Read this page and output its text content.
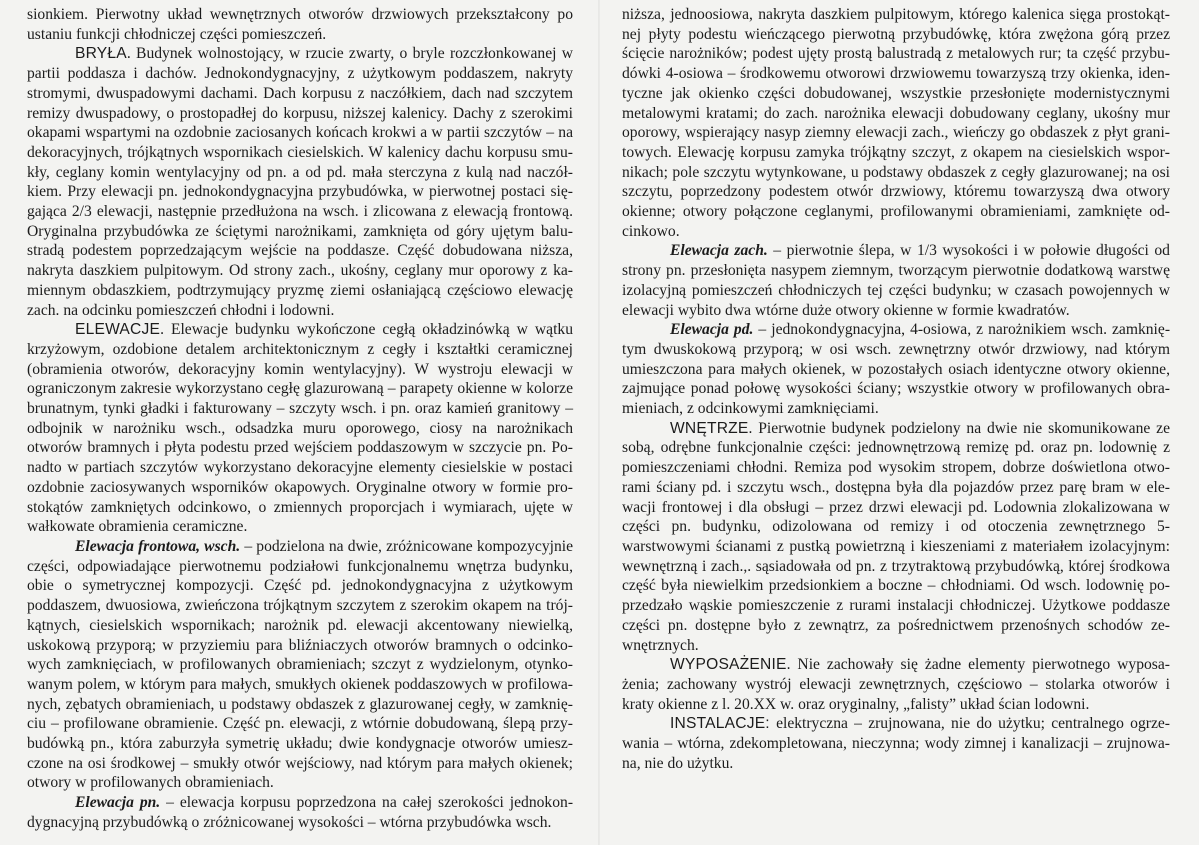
sionkiem. Pierwotny układ wewnętrznych otworów drzwiowych przekształcony po ustaniu funkcji chłodniczej części pomieszczeń.

BRYŁA. Budynek wolnostojący, w rzucie zwarty, o bryle rozczłonkowanej w partii poddasza i dachów. Jednokondygnacyjny, z użytkowym poddaszem, nakryty stromymi, dwuspadowymi dachami. Dach korpusu z naczółkiem, dach nad szczytem remizy dwuspadowy, o prostopadłej do korpusu, niższej kalenicy. Dachy z szerokimi okapami wspartymi na ozdobnie zaciosanych końcach krokwi a w partii szczytów – na dekoracyjnych, trójkątnych wspornikach ciesielskich. W kalenicy dachu korpusu smukły, ceglany komin wentylacyjny od pn. a od pd. mała sterczyna z kulą nad naczółkiem. Przy elewacji pn. jednokondygnacyjna przybudówka, w pierwotnej postaci sięgająca 2/3 elewacji, następnie przedłużona na wsch. i zlicowana z elewacją frontową. Oryginalna przybudówka ze ściętymi narożnikami, zamknięta od góry ujętym balustradą podestem poprzedzającym wejście na poddasze. Część dobudowana niższa, nakryta daszkiem pulpitowym. Od strony zach., ukośny, ceglany mur oporowy z kamiennym obdaszkiem, podtrzymujący pryzmę ziemi osłaniającą częściowo elewację zach. na odcinku pomieszczeń chłodni i lodowni.

ELEWACJE. Elewacje budynku wykończone cegłą okładzinówką w wątku krzyżowym, ozdobione detalem architektonicznym z cegły i kształtki ceramicznej (obramienia otworów, dekoracyjny komin wentylacyjny). W wystroju elewacji w ograniczonym zakresie wykorzystano cegłę glazurowaną – parapety okienne w kolorze brunatnym, tynki gładki i fakturowany – szczyty wsch. i pn. oraz kamień granitowy – odbojnik w narożniku wsch., odsadzka muru oporowego, ciosy na narożnikach otworów bramnych i płyta podestu przed wejściem poddaszowym w szczycie pn. Ponadto w partiach szczytów wykorzystano dekoracyjne elementy ciesielskie w postaci ozdobnie zaciosywanych wsporników okapowych. Oryginalne otwory w formie prostokątów zamkniętych odcinkowo, o zmiennych proporcjach i wymiarach, ujęte w wałkowate obramienia ceramiczne.

Elewacja frontowa, wsch. – podzielona na dwie, zróżnicowane kompozycyjnie części, odpowiadające pierwotnemu podziałowi funkcjonalnemu wnętrza budynku, obie o symetrycznej kompozycji. Część pd. jednokondygnacyjna z użytkowym poddaszem, dwuosiowa, zwieńczona trójkątnym szczytem z szerokim okapem na trójkątnych, ciesielskich wspornikach; narożnik pd. elewacji akcentowany niewielką, uskokową przyporą; w przyziemiu para bliźniaczych otworów bramnych o odcinkowych zamknięciach, w profilowanych obramieniach; szczyt z wydzielonym, otynkowanym polem, w którym para małych, smukłych okienek poddaszowych w profilowanych, zębatych obramieniach, u podstawy obdaszek z glazurowanej cegły, w zamknięciu – profilowane obramienie. Część pn. elewacji, z wtórnie dobudowaną, ślepą przybudówką pn., która zaburzyła symetrię układu; dwie kondygnacje otworów umieszczone na osi środkowej – smukły otwór wejściowy, nad którym para małych okienek; otwory w profilowanych obramieniach.

Elewacja pn. – elewacja korpusu poprzedzona na całej szerokości jednokondygnacyjną przybudówką o zróżnicowanej wysokości – wtórna przybudówka wsch.

niższa, jednoosiowa, nakryta daszkiem pulpitowym, którego kalenica sięga prostokątnej płyty podestu wieńczącego pierwotną przybudówkę, która zwężona górą przez ścięcie narożników; podest ujęty prostą balustradą z metalowych rur; ta część przybudówki 4-osiowa – środkowemu otworowi drzwiowemu towarzyszą trzy okienka, identyczne jak okienko części dobudowanej, wszystkie przesłonięte modernistycznymi metalowymi kratami; do zach. narożnika elewacji dobudowany ceglany, ukośny mur oporowy, wspierający nasyp ziemny elewacji zach., wieńczy go obdaszek z płyt granitowych. Elewację korpusu zamyka trójkątny szczyt, z okapem na ciesielskich wspornikach; pole szczytu wytynkowane, u podstawy obdaszek z cegły glazurowanej; na osi szczytu, poprzedzony podestem otwór drzwiowy, któremu towarzyszą dwa otwory okienne; otwory połączone ceglanymi, profilowanymi obramieniami, zamknięte odcinkowo.

Elewacja zach. – pierwotnie ślepa, w 1/3 wysokości i w połowie długości od strony pn. przesłonięta nasypem ziemnym, tworzącym pierwotnie dodatkową warstwę izolacyjną pomieszczeń chłodniczych tej części budynku; w czasach powojennych w elewacji wybito dwa wtórne duże otwory okienne w formie kwadratów.

Elewacja pd. – jednokondygnacyjna, 4-osiowa, z narożnikiem wsch. zamkniętym dwuskokową przyporą; w osi wsch. zewnętrzny otwór drzwiowy, nad którym umieszczona para małych okienek, w pozostałych osiach identyczne otwory okienne, zajmujące ponad połowę wysokości ściany; wszystkie otwory w profilowanych obramieniach, z odcinkowymi zamknięciami.

WNĘTRZE. Pierwotnie budynek podzielony na dwie nie skomunikowane ze sobą, odrębne funkcjonalnie części: jednownętrzową remizę pd. oraz pn. lodownię z pomieszczeniami chłodni. Remiza pod wysokim stropem, dobrze doświetlona otworami ściany pd. i szczytu wsch., dostępna była dla pojazdów przez parę bram w elewacji frontowej i dla obsługi – przez drzwi elewacji pd. Lodownia zlokalizowana w części pn. budynku, odizolowana od remizy i od otoczenia zewnętrznego 5-warstwowymi ścianami z pustką powietrzną i kieszeniami z materiałem izolacyjnym: wewnętrzną i zach.,. sąsiadowała od pn. z trzytraktową przybudówką, której środkowa część była niewielkim przedsionkiem a boczne – chłodniami. Od wsch. lodownię poprzedzało wąskie pomieszczenie z rurami instalacji chłodniczej. Użytkowe poddasze części pn. dostępne było z zewnątrz, za pośrednictwem przenośnych schodów zewnętrznych.

WYPOSAŻENIE. Nie zachowały się żadne elementy pierwotnego wyposażenia; zachowany wystrój elewacji zewnętrznych, częściowo – stolarka otworów i kraty okienne z l. 20.XX w. oraz oryginalny, „falisty” układ ścian lodowni.

INSTALACJE: elektryczna – zrujnowana, nie do użytku; centralnego ogrzewania – wtórna, zdekompletowana, nieczynna; wody zimnej i kanalizacji – zrujnowana, nie do użytku.
